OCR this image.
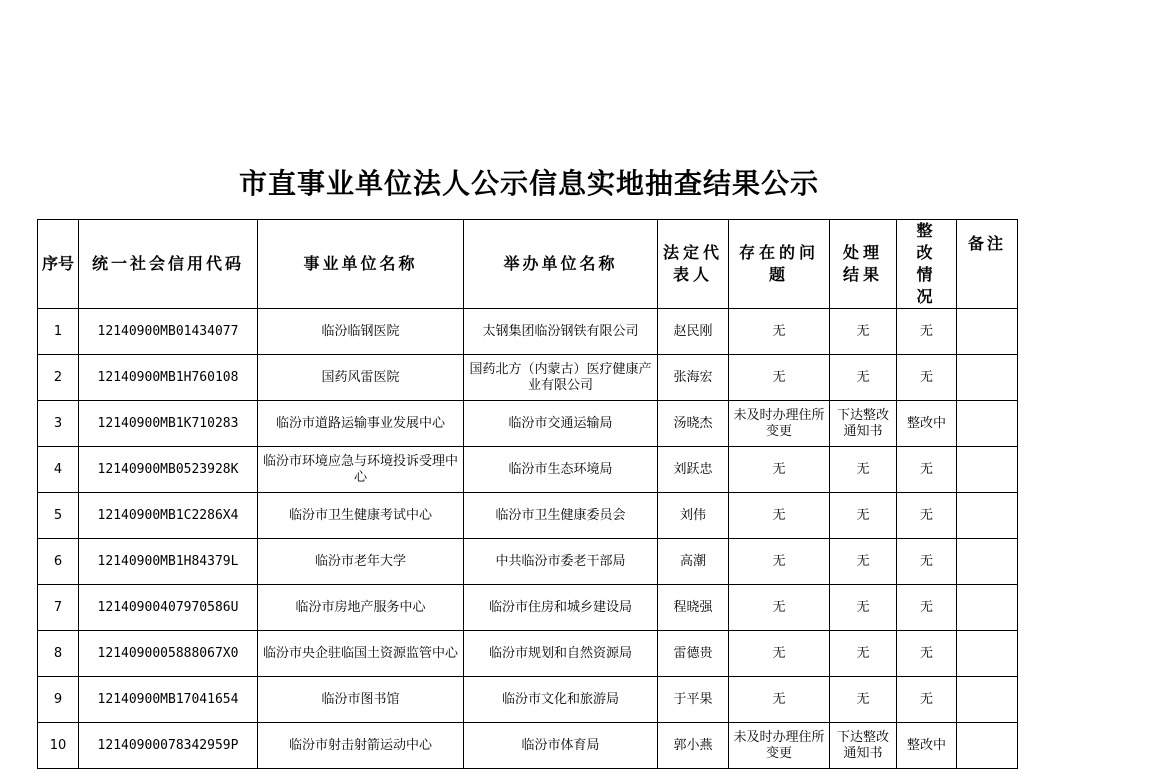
市直事业单位法人公示信息实地抽查结果公示
序号	统一社会信用代码	事业单位名称	举办单位名称	法定代表人	存在的问题	处理结果	整改情况	备注
1	12140900MB01434077	临汾临钢医院	太钢集团临汾钢铁有限公司	赵民刚	无	无	无	
2	12140900MB1H760108	国药风雷医院	国药北方（内蒙古）医疗健康产业有限公司	张海宏	无	无	无	
3	12140900MB1K710283	临汾市道路运输事业发展中心	临汾市交通运输局	汤晓杰	未及时办理住所变更	下达整改通知书	整改中	
4	12140900MB0523928K	临汾市环境应急与环境投诉受理中心	临汾市生态环境局	刘跃忠	无	无	无	
5	12140900MB1C2286X4	临汾市卫生健康考试中心	临汾市卫生健康委员会	刘伟	无	无	无	
6	12140900MB1H84379L	临汾市老年大学	中共临汾市委老干部局	高潮	无	无	无	
7	121409004079705​86U	临汾市房地产服务中心	临汾市住房和城乡建设局	程晓强	无	无	无	
8	1214090005888067X0	临汾市央企驻临国土资源监管中心	临汾市规划和自然资源局	雷德贵	无	无	无	
9	12140900MB17041654	临汾市图书馆	临汾市文化和旅游局	于平果	无	无	无	
10	12140900078342959P	临汾市射击射箭运动中心	临汾市体育局	郭小燕	未及时办理住所变更	下达整改通知书	整改中	
